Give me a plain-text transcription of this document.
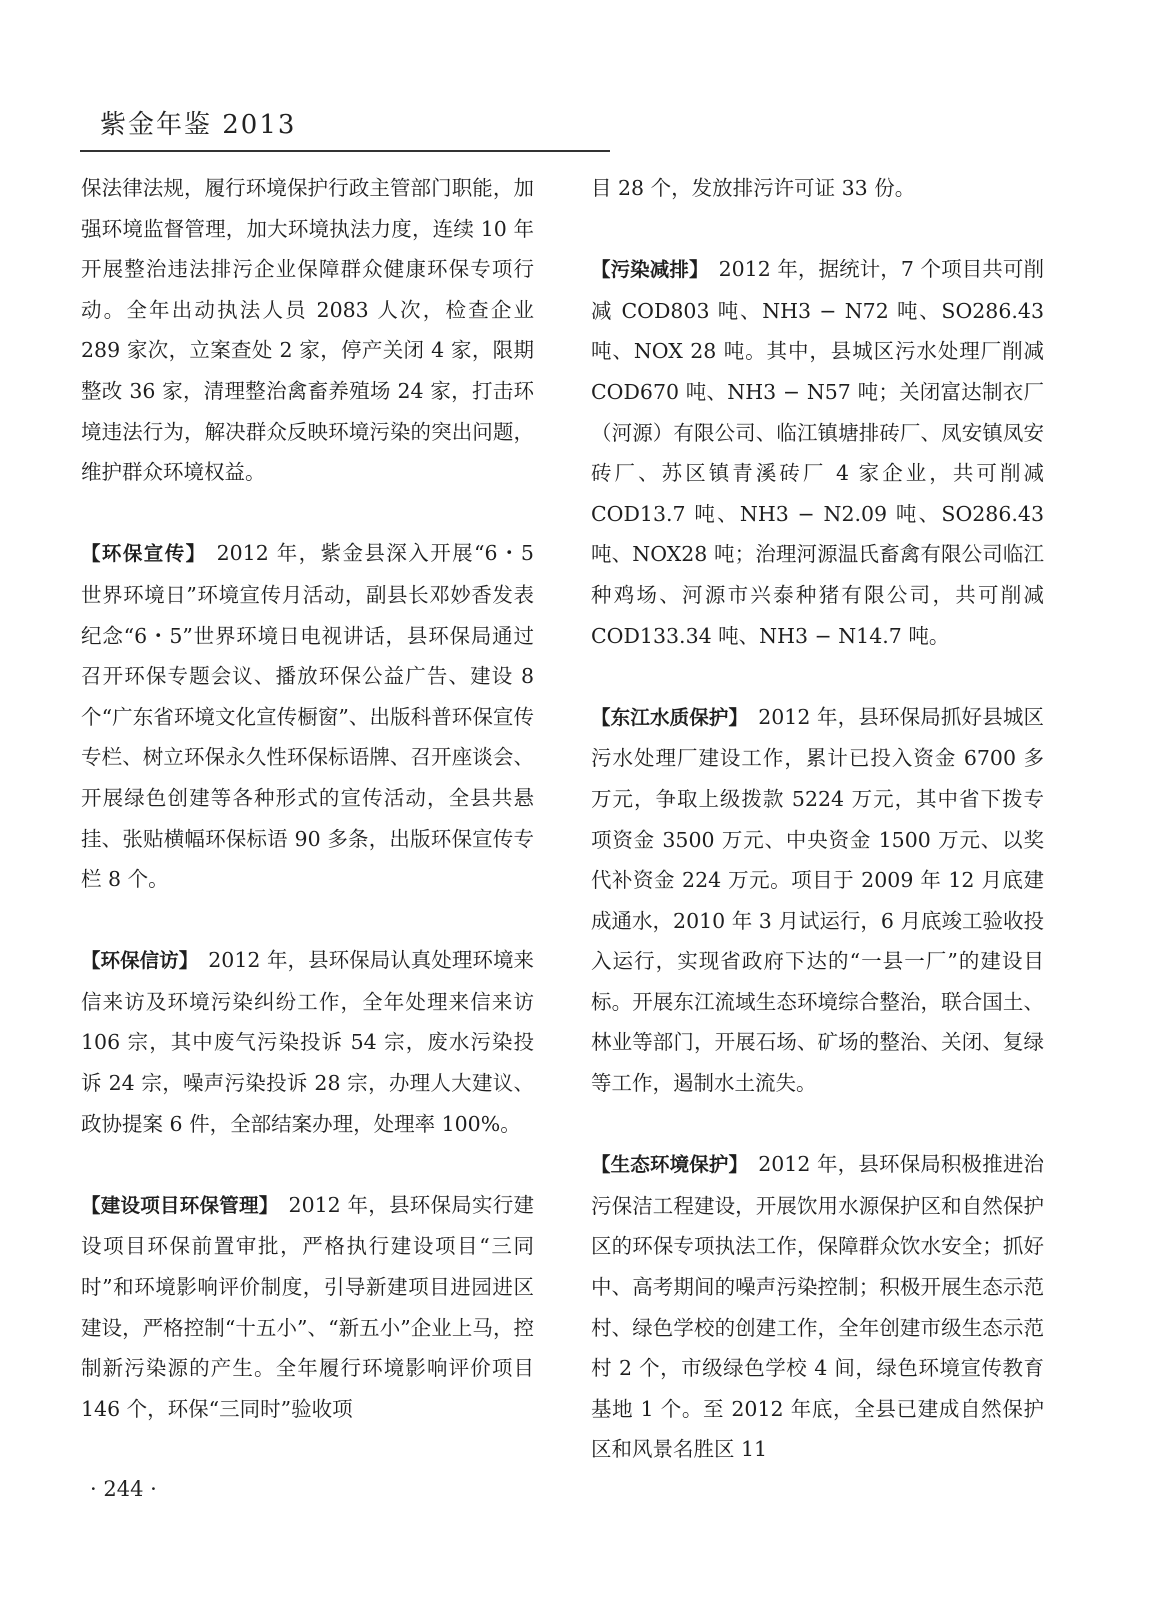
紫金年鉴 2013

保法律法规，履行环境保护行政主管部门职能，加强环境监督管理，加大环境执法力度，连续 10 年开展整治违法排污企业保障群众健康环保专项行动。全年出动执法人员 2083 人次，检查企业 289 家次，立案查处 2 家，停产关闭 4 家，限期整改 36 家，清理整治禽畜养殖场 24 家，打击环境违法行为，解决群众反映环境污染的突出问题，维护群众环境权益。

【环保宣传】 2012 年，紫金县深入开展“6・5 世界环境日”环境宣传月活动，副县长邓妙香发表纪念“6・5”世界环境日电视讲话，县环保局通过召开环保专题会议、播放环保公益广告、建设 8 个“广东省环境文化宣传橱窗”、出版科普环保宣传专栏、树立环保永久性环保标语牌、召开座谈会、开展绿色创建等各种形式的宣传活动，全县共悬挂、张贴横幅环保标语 90 多条，出版环保宣传专栏 8 个。

【环保信访】 2012 年，县环保局认真处理环境来信来访及环境污染纠纷工作，全年处理来信来访 106 宗，其中废气污染投诉 54 宗，废水污染投诉 24 宗，噪声污染投诉 28 宗，办理人大建议、政协提案 6 件，全部结案办理，处理率 100%。

【建设项目环保管理】 2012 年，县环保局实行建设项目环保前置审批，严格执行建设项目“三同时”和环境影响评价制度，引导新建项目进园进区建设，严格控制“十五小”、“新五小”企业上马，控制新污染源的产生。全年履行环境影响评价项目 146 个，环保“三同时”验收项

目 28 个，发放排污许可证 33 份。

【污染减排】 2012 年，据统计，7 个项目共可削减 COD803 吨、NH3 − N72 吨、SO286.43 吨、NOX 28 吨。其中，县城区污水处理厂削减 COD670 吨、NH3 − N57 吨；关闭富达制衣厂（河源）有限公司、临江镇塘排砖厂、凤安镇凤安砖厂、苏区镇青溪砖厂 4 家企业，共可削减 COD13.7 吨、NH3 − N2.09 吨、SO286.43 吨、NOX28 吨；治理河源温氏畜禽有限公司临江种鸡场、河源市兴泰种猪有限公司，共可削减 COD133.34 吨、NH3 − N14.7 吨。

【东江水质保护】 2012 年，县环保局抓好县城区污水处理厂建设工作，累计已投入资金 6700 多万元，争取上级拨款 5224 万元，其中省下拨专项资金 3500 万元、中央资金 1500 万元、以奖代补资金 224 万元。项目于 2009 年 12 月底建成通水，2010 年 3 月试运行，6 月底竣工验收投入运行，实现省政府下达的“一县一厂”的建设目标。开展东江流域生态环境综合整治，联合国土、林业等部门，开展石场、矿场的整治、关闭、复绿等工作，遏制水土流失。

【生态环境保护】 2012 年，县环保局积极推进治污保洁工程建设，开展饮用水源保护区和自然保护区的环保专项执法工作，保障群众饮水安全；抓好中、高考期间的噪声污染控制；积极开展生态示范村、绿色学校的创建工作，全年创建市级生态示范村 2 个，市级绿色学校 4 间，绿色环境宣传教育基地 1 个。至 2012 年底，全县已建成自然保护区和风景名胜区 11

· 244 ·
